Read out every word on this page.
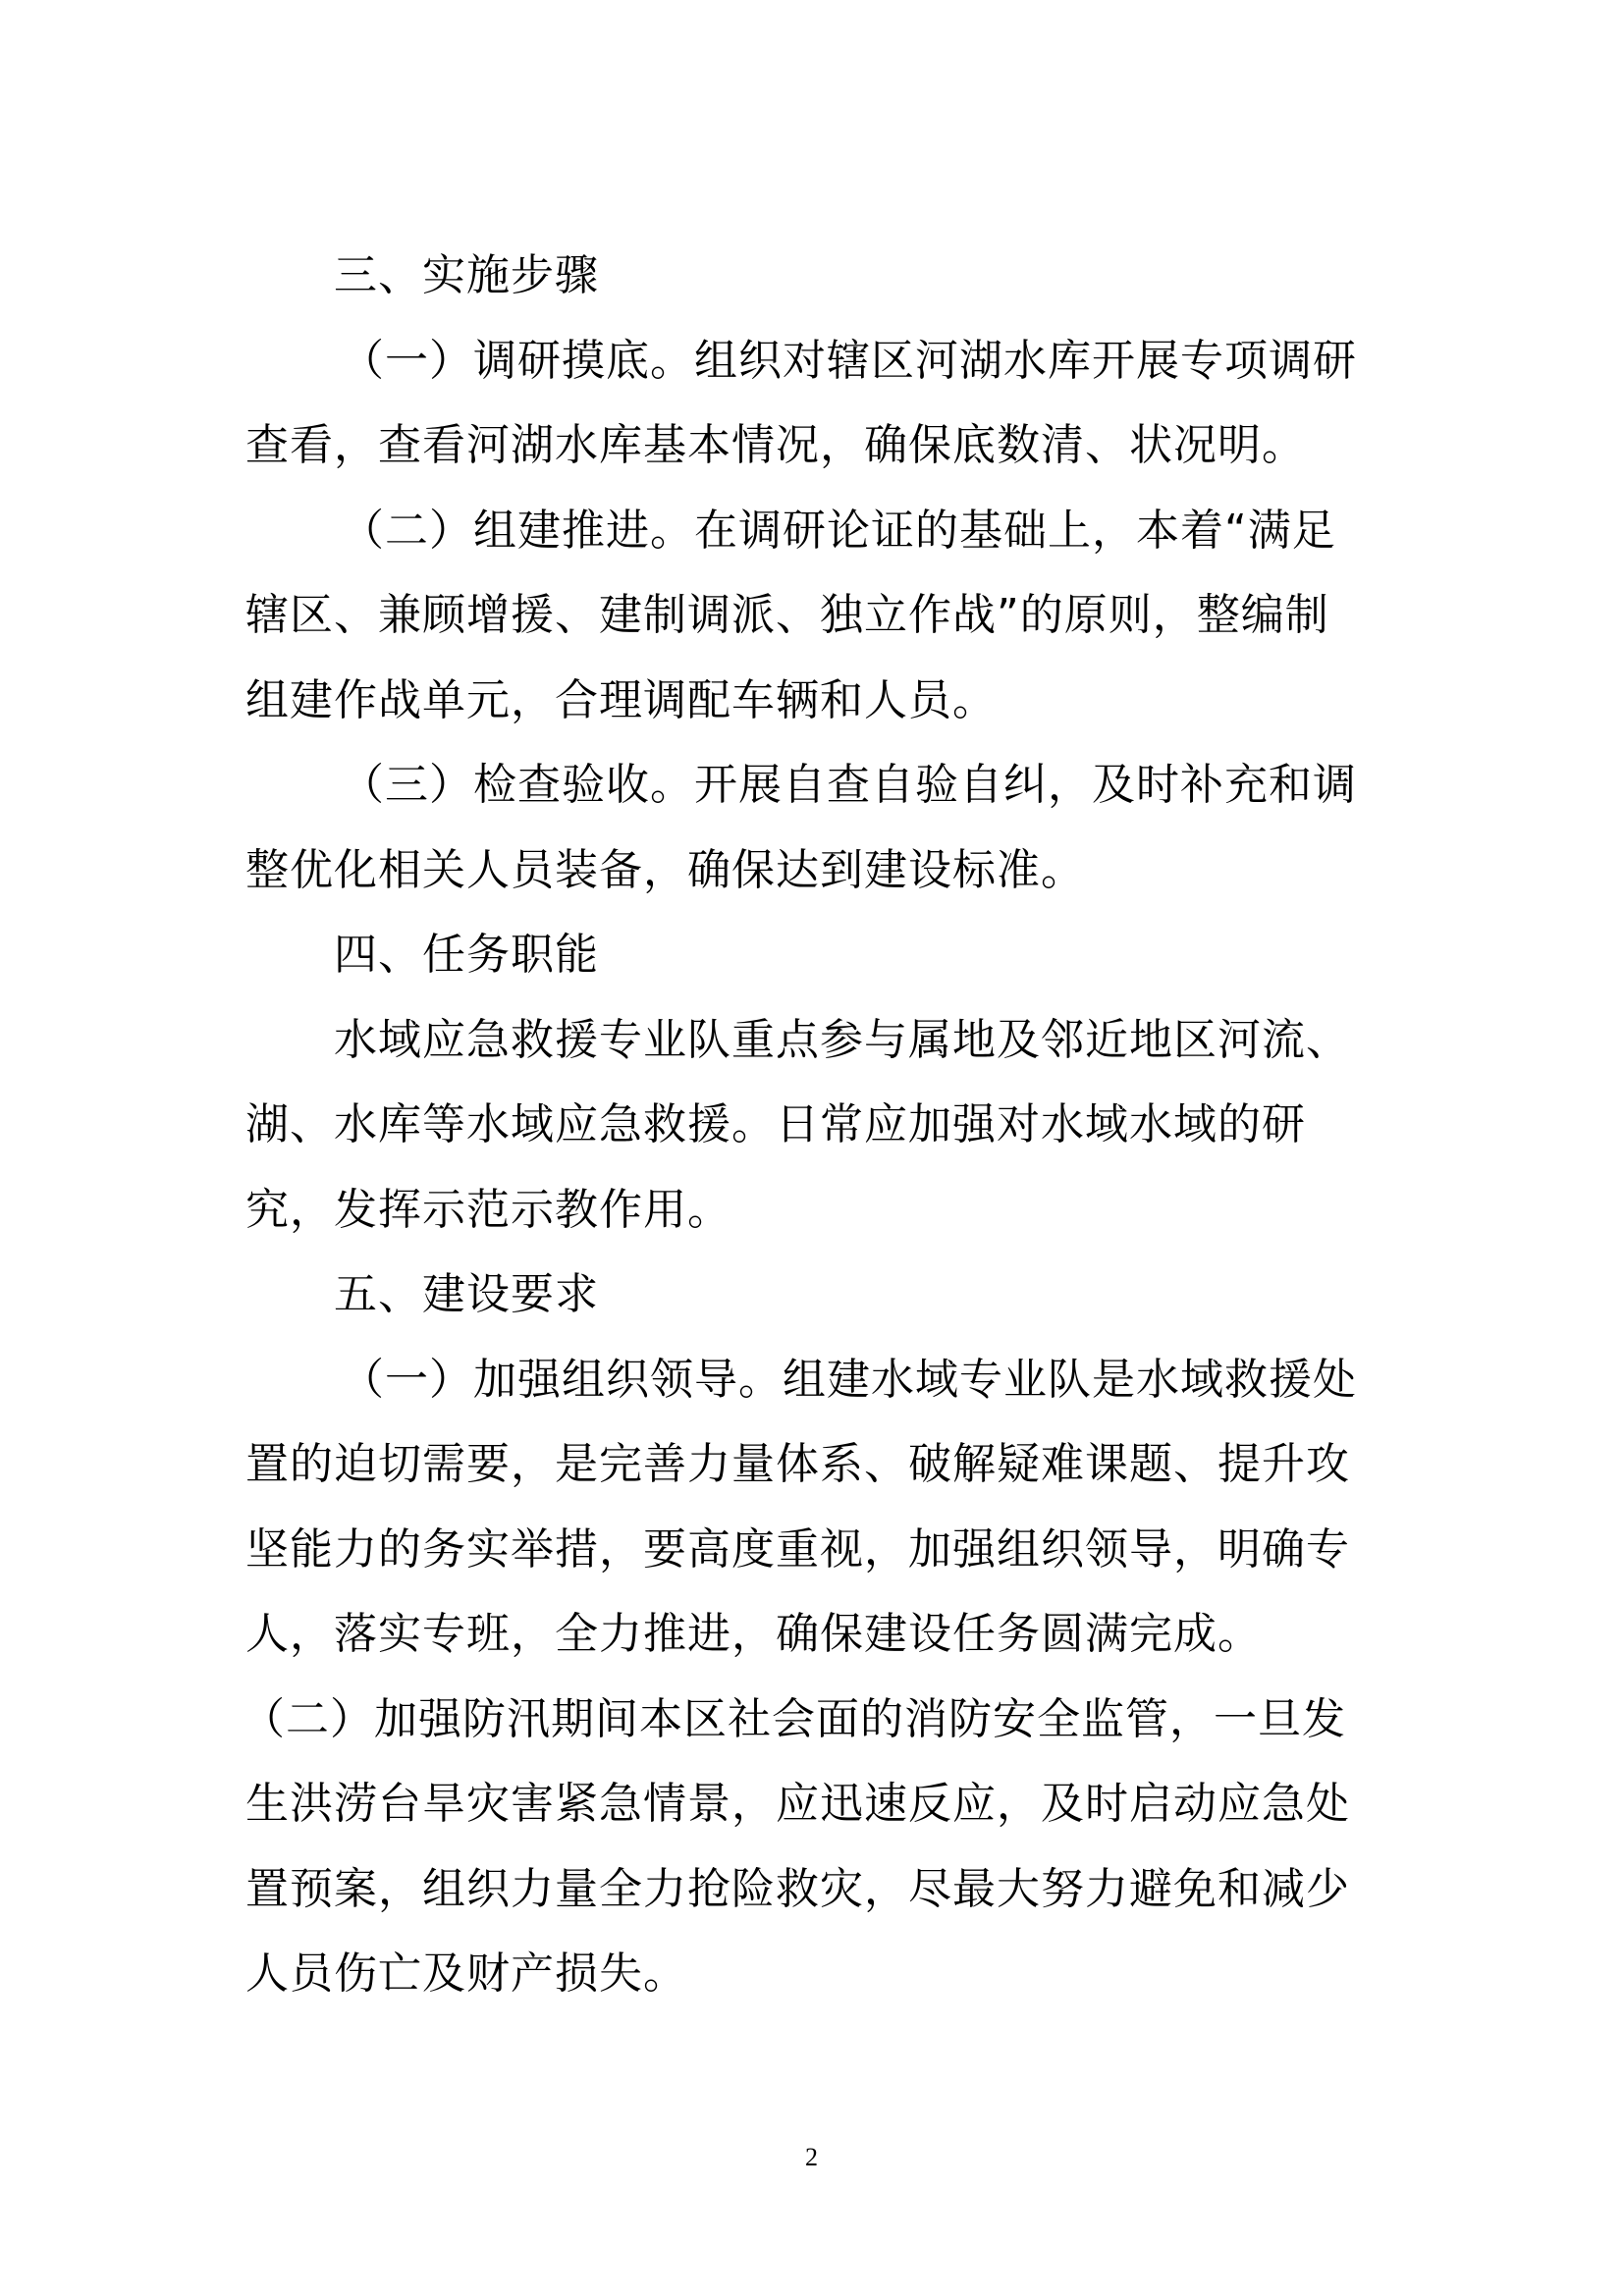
三、实施步骤

（一）调研摸底。组织对辖区河湖水库开展专项调研

查看，查看河湖水库基本情况，确保底数清、状况明。

（二）组建推进。在调研论证的基础上，本着“满足

辖区、兼顾增援、建制调派、独立作战”的原则，整编制

组建作战单元，合理调配车辆和人员。

（三）检查验收。开展自查自验自纠，及时补充和调

整优化相关人员装备，确保达到建设标准。

四、任务职能

水域应急救援专业队重点参与属地及邻近地区河流、

湖、水库等水域应急救援。日常应加强对水域水域的研

究，发挥示范示教作用。

五、建设要求

（一）加强组织领导。组建水域专业队是水域救援处

置的迫切需要，是完善力量体系、破解疑难课题、提升攻

坚能力的务实举措，要高度重视，加强组织领导，明确专

人，落实专班，全力推进，确保建设任务圆满完成。

（二）加强防汛期间本区社会面的消防安全监管，一旦发

生洪涝台旱灾害紧急情景，应迅速反应，及时启动应急处

置预案，组织力量全力抢险救灾，尽最大努力避免和减少

人员伤亡及财产损失。

2
